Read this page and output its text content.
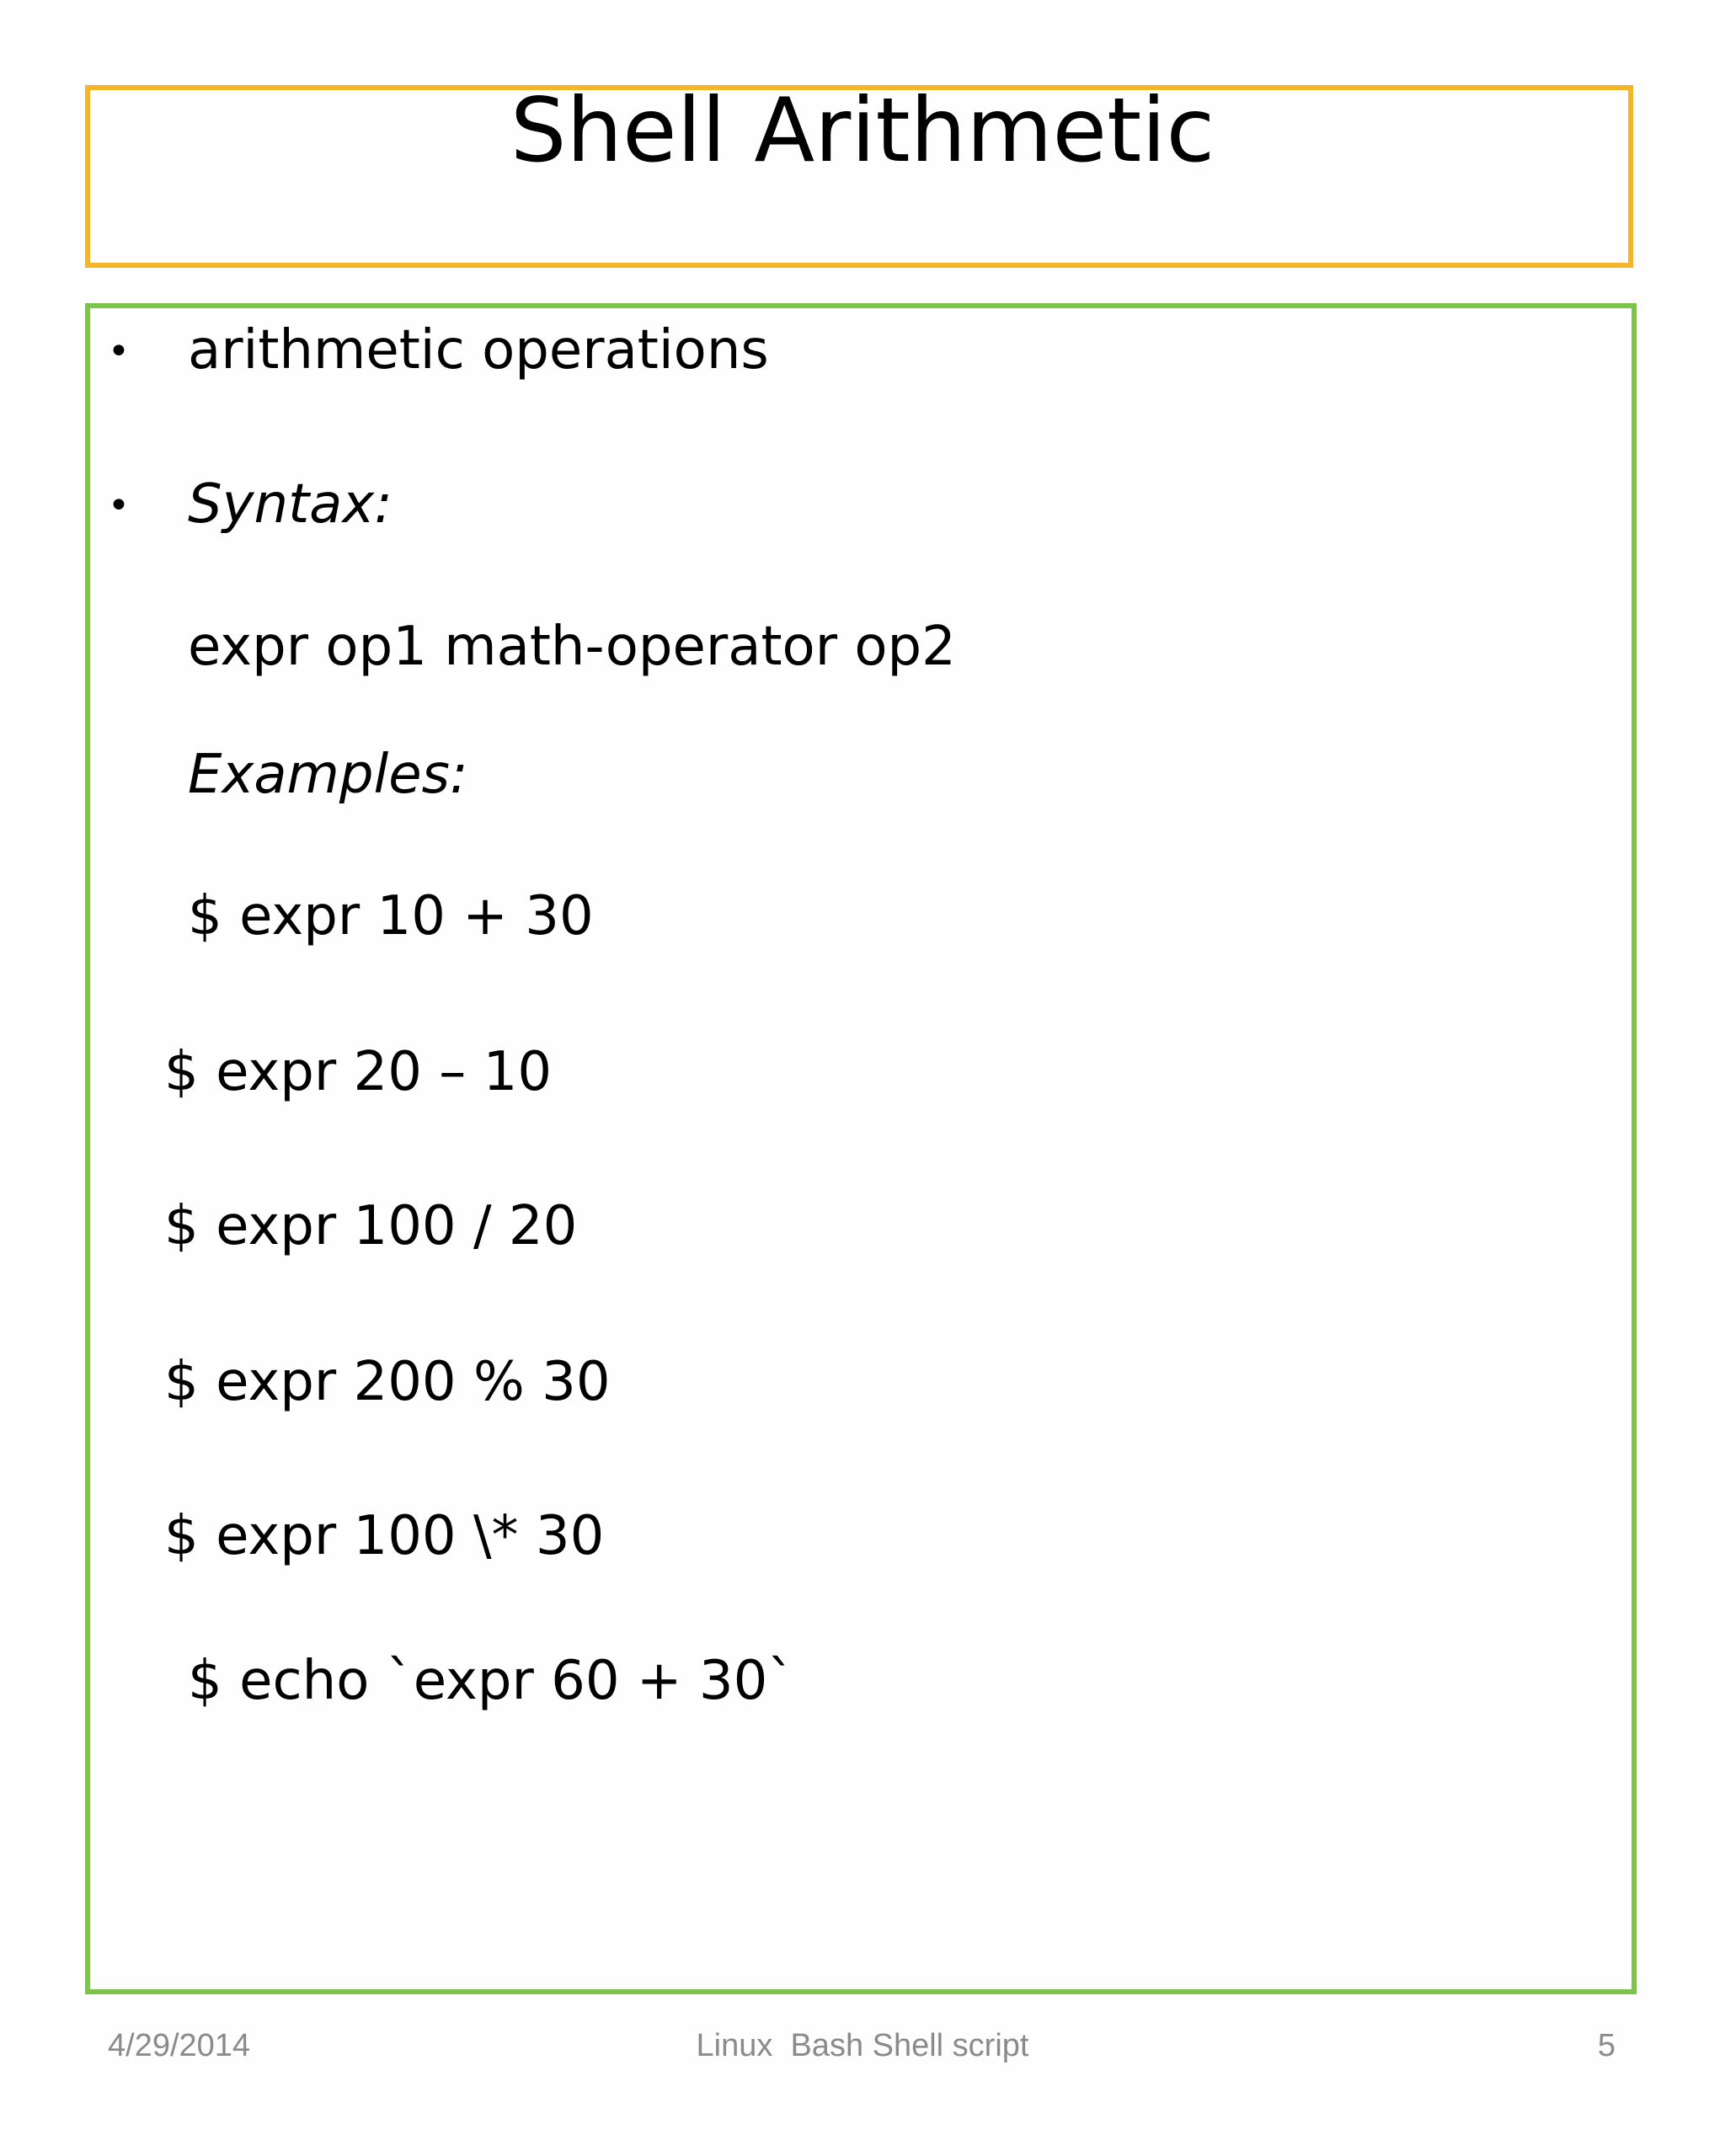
Shell Arithmetic
• arithmetic operations
• Syntax:
expr op1 math-operator op2
Examples:
$ expr 10 + 30
$ expr 20 – 10
$ expr 100 / 20
$ expr 200 % 30
$ expr 100 \* 30
$ echo `expr 60 + 30`
4/29/2014	Linux  Bash Shell script	5
